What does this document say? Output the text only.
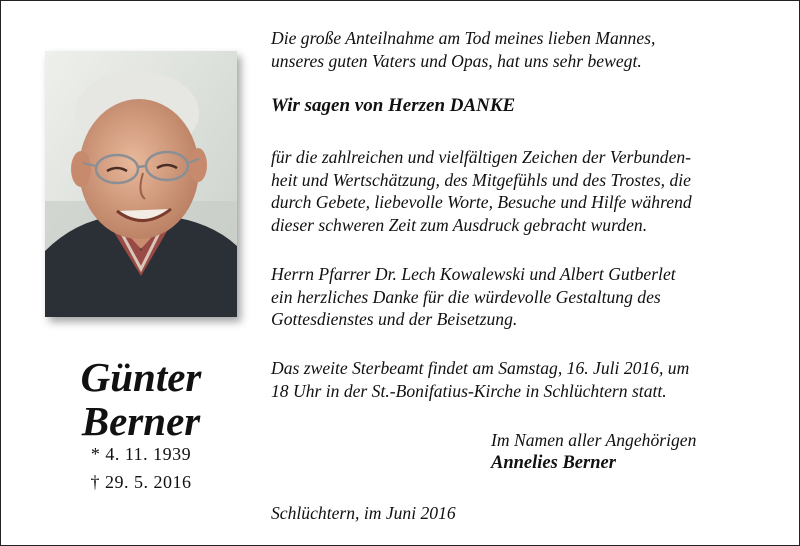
Günter
Berner
* 4. 11. 1939
† 29. 5. 2016

Die große Anteilnahme am Tod meines lieben Mannes,
unseres guten Vaters und Opas, hat uns sehr bewegt.

Wir sagen von Herzen DANKE

für die zahlreichen und vielfältigen Zeichen der Verbunden-
heit und Wertschätzung, des Mitgefühls und des Trostes, die
durch Gebete, liebevolle Worte, Besuche und Hilfe während
dieser schweren Zeit zum Ausdruck gebracht wurden.

Herrn Pfarrer Dr. Lech Kowalewski und Albert Gutberlet
ein herzliches Danke für die würdevolle Gestaltung des
Gottesdienstes und der Beisetzung.

Das zweite Sterbeamt findet am Samstag, 16. Juli 2016, um
18 Uhr in der St.-Bonifatius-Kirche in Schlüchtern statt.

Im Namen aller Angehörigen
Annelies Berner
Schlüchtern, im Juni 2016
